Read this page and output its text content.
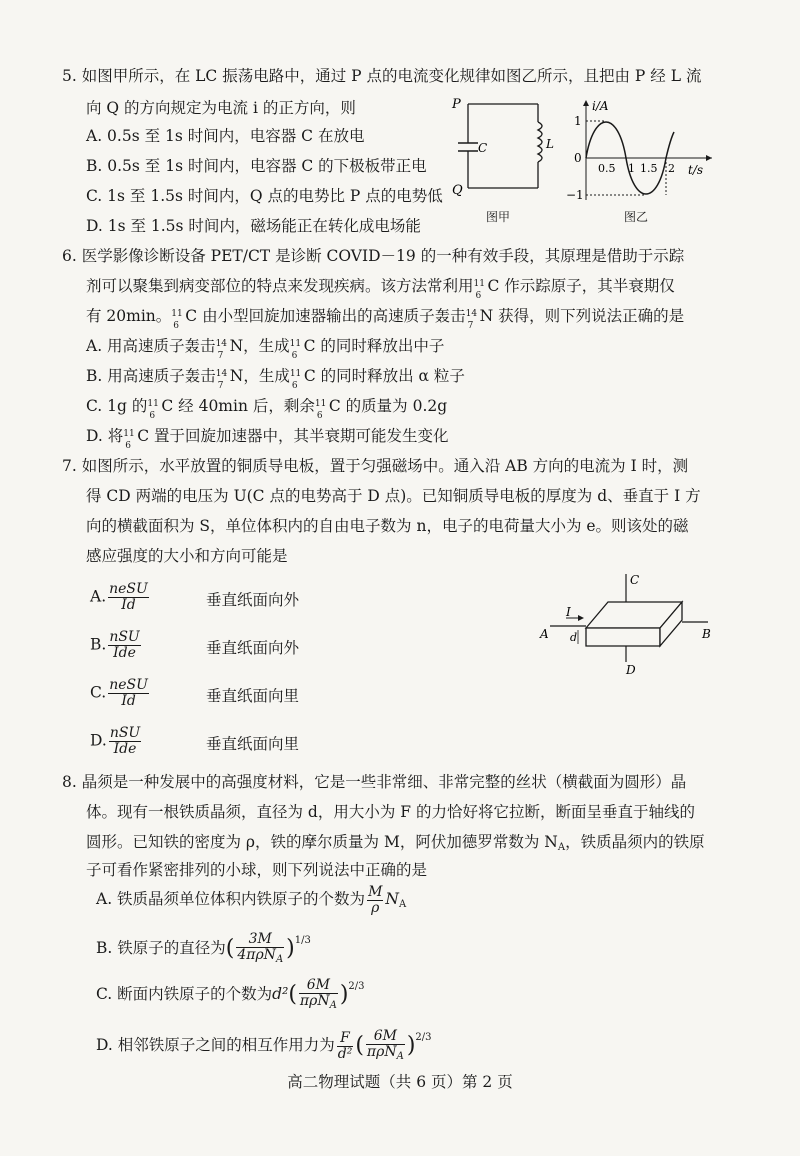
5. 如图甲所示，在 LC 振荡电路中，通过 P 点的电流变化规律如图乙所示，且把由 P 经 L 流
向 Q 的方向规定为电流 i 的正方向，则
A. 0.5s 至 1s 时间内，电容器 C 在放电
B. 0.5s 至 1s 时间内，电容器 C 的下极板带正电
C. 1s 至 1.5s 时间内，Q 点的电势比 P 点的电势低
D. 1s 至 1.5s 时间内，磁场能正在转化成电场能
P
Q
C	L
图甲
i/A
t/s
1
0
−1
0.5 1 1.5 2
图乙
6. 医学影像诊断设备 PET/CT 是诊断 COVID－19 的一种有效手段，其原理是借助于示踪
剂可以聚集到病变部位的特点来发现疾病。该方法常利用 11
6
C 作示踪原子，其半衰期仅
有 20min。 11
6
C 由小型回旋加速器输出的高速质子轰击 14
7
N 获得，则下列说法正确的是
A. 用高速质子轰击 14
7
N，生成 11
6
C 的同时释放出中子
B. 用高速质子轰击 14
7
N，生成 11
6
C 的同时释放出 α 粒子
C. 1g 的 11
6
C 经 40min 后，剩余 11
6
C 的质量为 0.2g
D. 将 11
6
C 置于回旋加速器中，其半衰期可能发生变化
7. 如图所示，水平放置的铜质导电板，置于匀强磁场中。通入沿 AB 方向的电流为 I 时，测
得 CD 两端的电压为 U(C 点的电势高于 D 点)。已知铜质导电板的厚度为 d、垂直于 I 方
向的横截面积为 S，单位体积内的自由电子数为 n，电子的电荷量大小为 e。则该处的磁
感应强度的大小和方向可能是
A. $\frac{\text{neSU}}{Id}$	垂直纸面向外
B. $\frac{\text{nSU}}{\text{Ide}}$	垂直纸面向外
C. $\frac{\text{neSU}}{Id}$	垂直纸面向里
D. $\frac{\text{nSU}}{\text{Ide}}$	垂直纸面向里
C
D
A	B
I
d
8. 晶须是一种发展中的高强度材料，它是一些非常细、非常完整的丝状（横截面为圆形）晶
体。现有一根铁质晶须，直径为 d，用大小为 F 的力恰好将它拉断，断面呈垂直于轴线的
圆形。已知铁的密度为 ρ，铁的摩尔质量为 M，阿伏加德罗常数为 $N_A$，铁质晶须内的铁原
子可看作紧密排列的小球，则下列说法中正确的是
A. 铁质晶须单位体积内铁原子的个数为 $\frac{M}{\rho} N_A$
B. 铁原子的直径为( $\frac{3M}{4\pi\rho N_A} )^{1/3}$
C. 断面内铁原子的个数为$d^2( \frac{6M}{\pi\rho N_A} )^{2/3}$
D. 相邻铁原子之间的相互作用力为 $\frac{F}{\text{d²}}$ ( $\frac{6M}{\pi\rho N_A} )^{2/3}$
高二物理试题（共 6 页）第 2 页
